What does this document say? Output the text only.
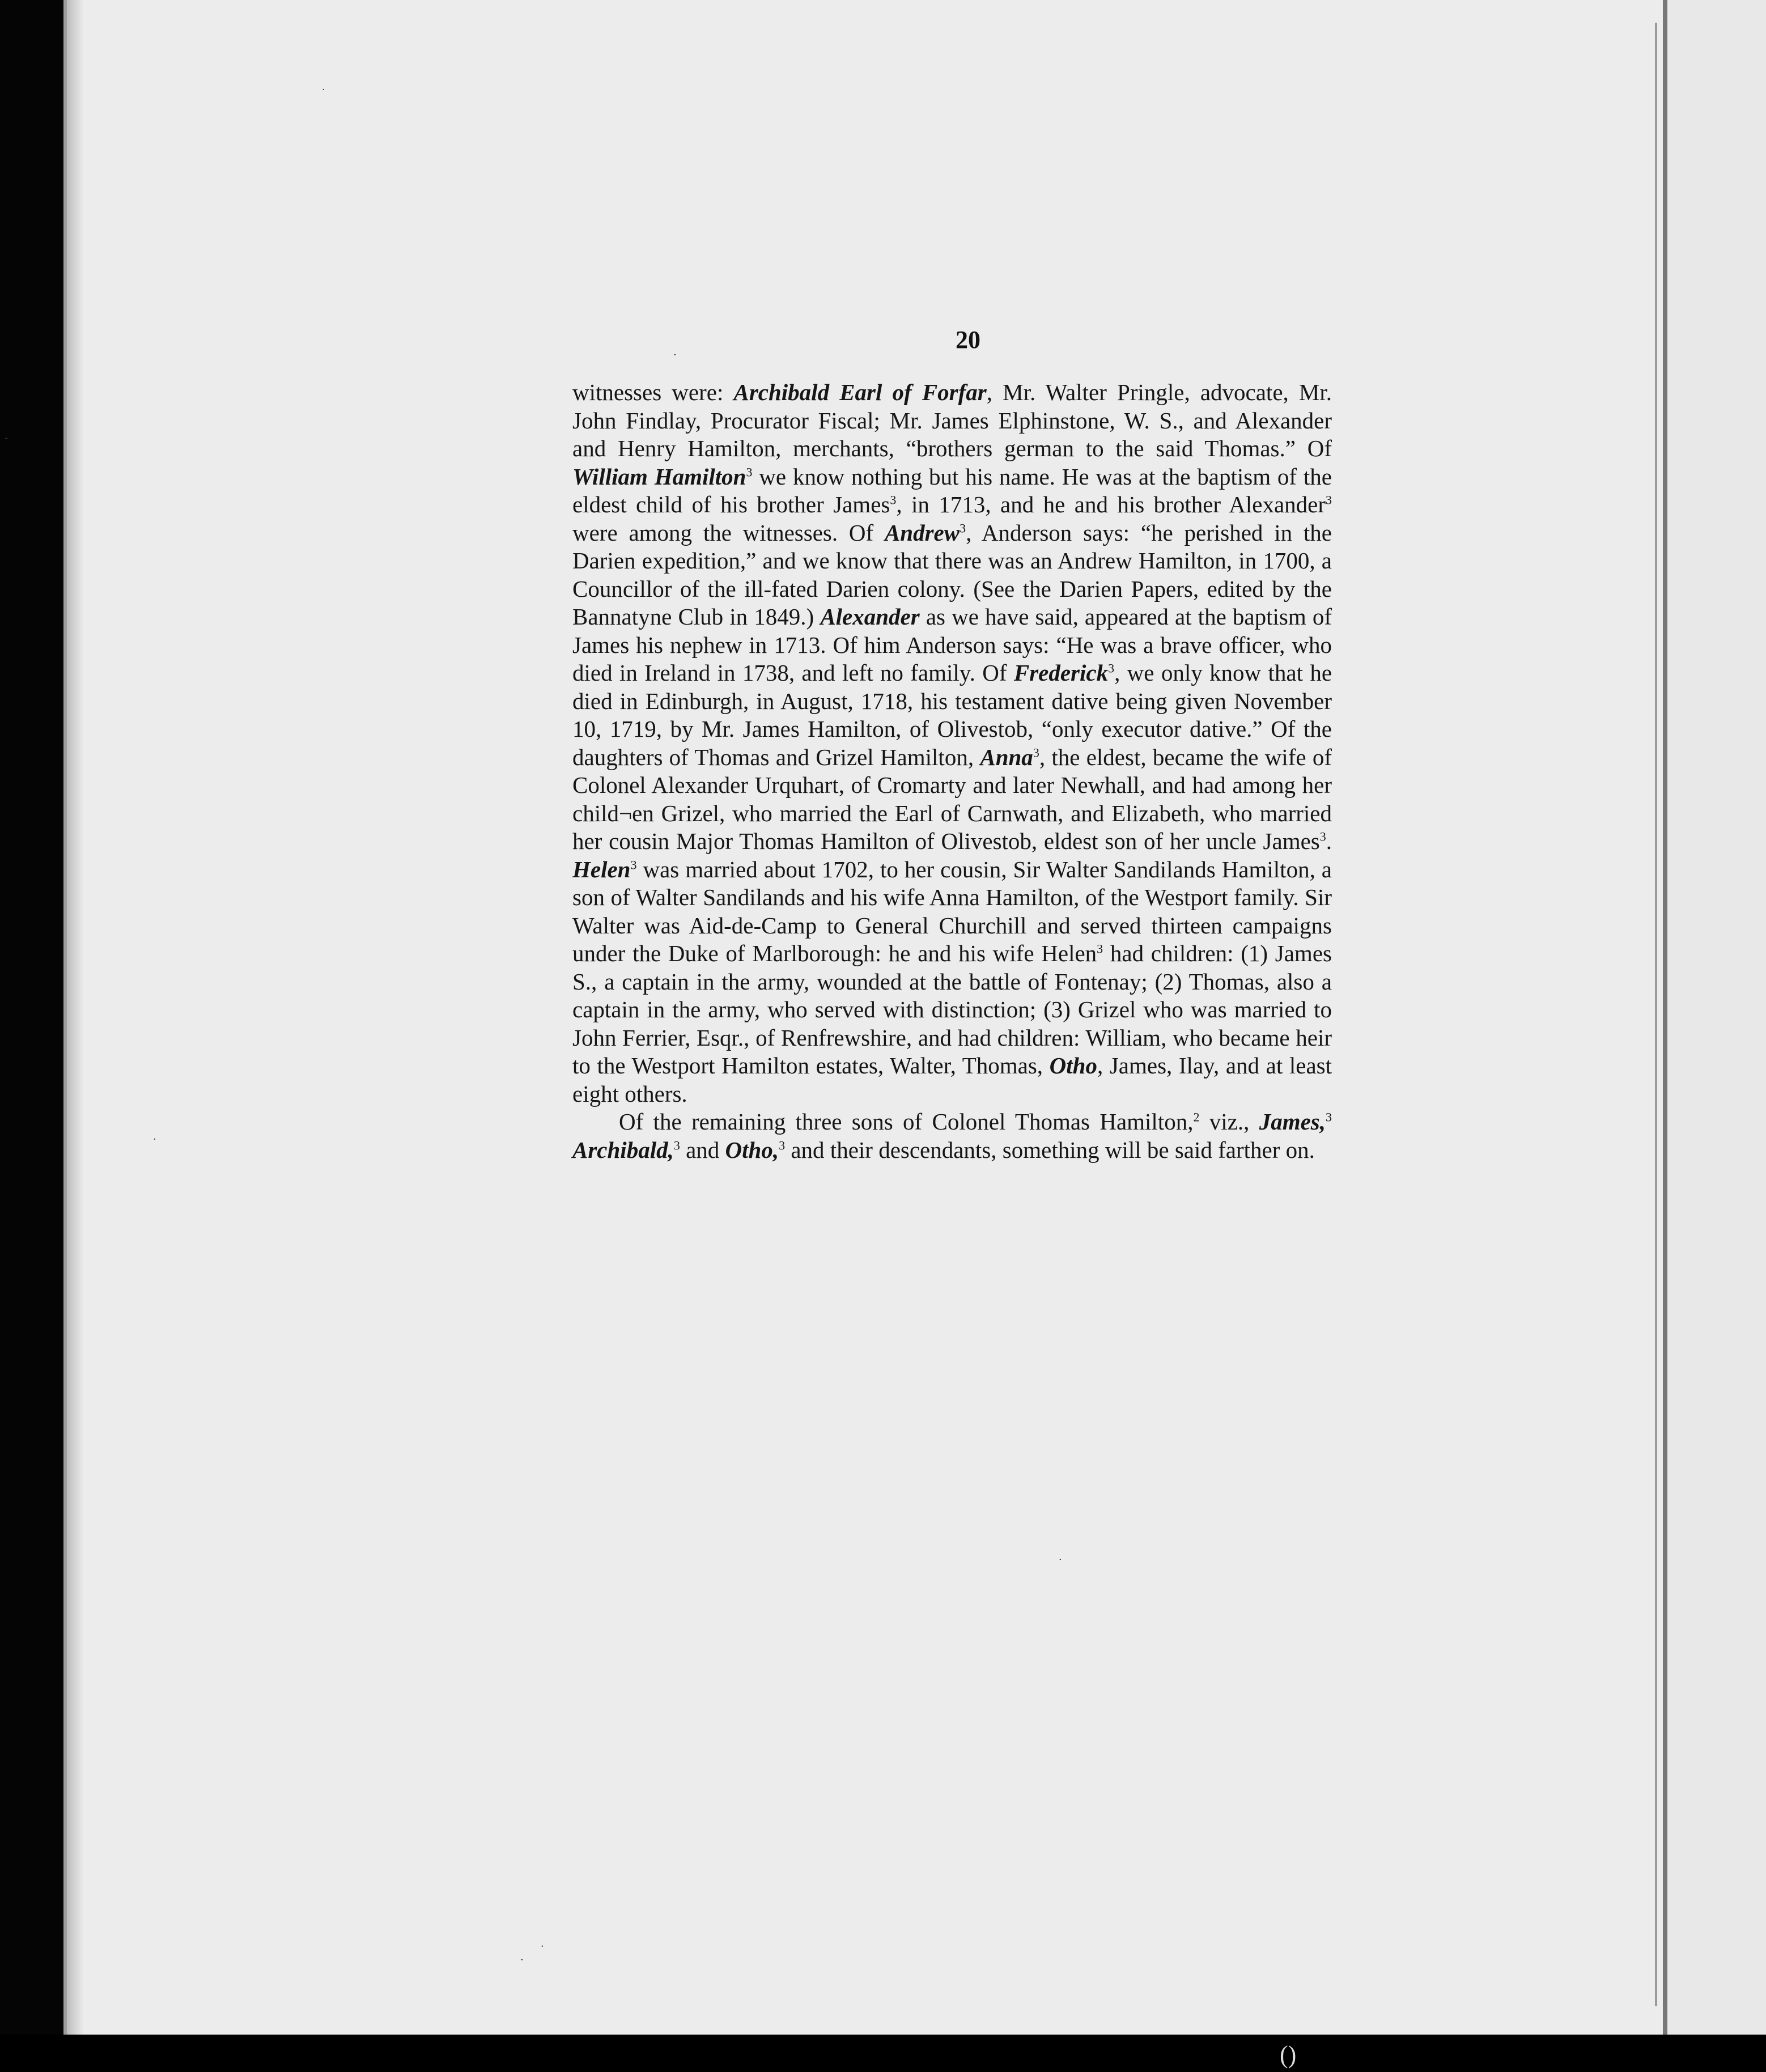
·
·
-
·
·
·
·
20

witnesses were: Archibald Earl of Forfar, Mr. Walter Pringle, advocate, Mr. John Findlay, Procurator Fiscal; Mr. James Elphinstone, W. S., and Alexander and Henry Hamilton, merchants, “brothers german to the said Thomas.” Of William Hamilton$^3$ we know nothing but his name. He was at the baptism of the eldest child of his brother James$^3$, in 1713, and he and his brother Alexander$^3$ were among the witnesses. Of Andrew$^3$, Anderson says: “he perished in the Darien expedition,” and we know that there was an Andrew Hamilton, in 1700, a Councillor of the ill-fated Darien colony. (See the Darien Papers, edited by the Bannatyne Club in 1849.) Alexander as we have said, appeared at the baptism of James his nephew in 1713. Of him Anderson says: “He was a brave officer, who died in Ireland in 1738, and left no family. Of Frederick$^3$, we only know that he died in Edinburgh, in August, 1718, his testament dative being given November 10, 1719, by Mr. James Hamilton, of Olivestob, “only executor dative.” Of the daughters of Thomas and Grizel Hamilton, Anna$^3$, the eldest, became the wife of Colonel Alexander Urquhart, of Cromarty and later Newhall, and had among her child¬en Grizel, who married the Earl of Carnwath, and Elizabeth, who married her cousin Major Thomas Hamilton of Olivestob, eldest son of her uncle James$^3$. Helen$^3$ was married about 1702, to her cousin, Sir Walter Sandilands Hamilton, a son of Walter Sandilands and his wife Anna Hamilton, of the Westport family. Sir Walter was Aid-de-Camp to General Churchill and served thirteen campaigns under the Duke of Marlborough: he and his wife Helen$^3$ had children: (1) James S., a captain in the army, wounded at the battle of Fontenay; (2) Thomas, also a captain in the army, who served with distinction; (3) Grizel who was married to John Ferrier, Esqr., of Renfrewshire, and had children: William, who became heir to the Westport Hamilton estates, Walter, Thomas, Otho, James, Ilay, and at least eight others.

Of the remaining three sons of Colonel Thomas Hamilton,$^2$ viz., James,$^3$ Archibald,$^3$ and Otho,$^3$ and their descendants, something will be said farther on.

()
